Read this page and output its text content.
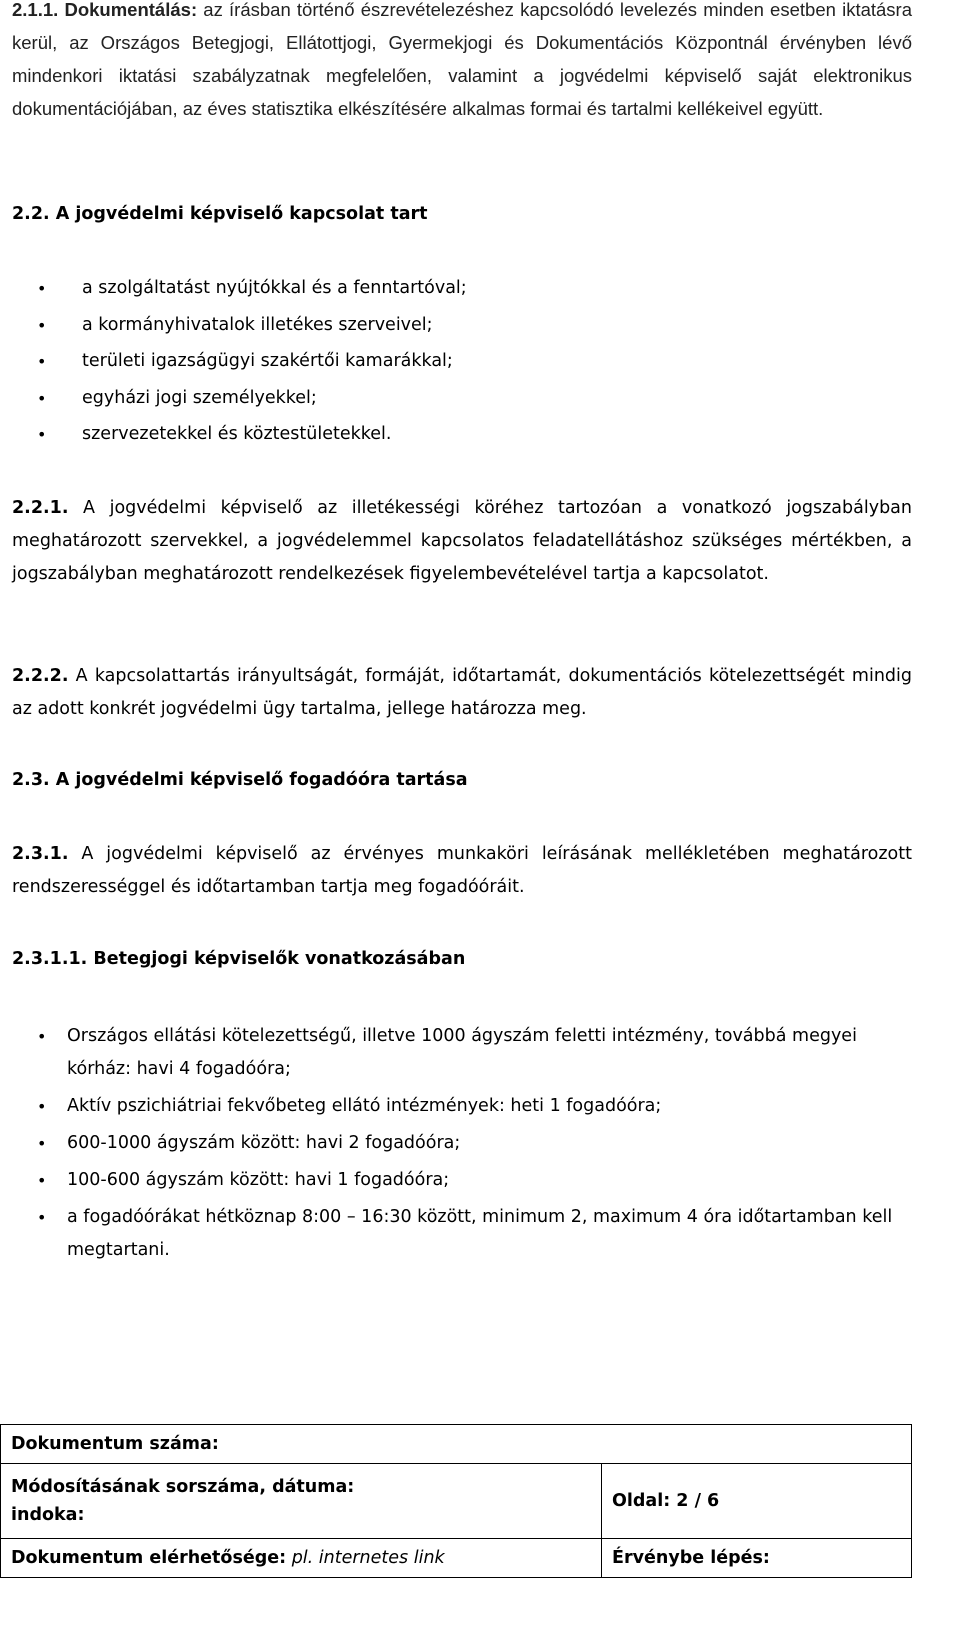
2.1.1. Dokumentálás: az írásban történő észrevételezéshez kapcsolódó levelezés minden esetben iktatásra kerül, az Országos Betegjogi, Ellátottjogi, Gyermekjogi és Dokumentációs Központnál érvényben lévő mindenkori iktatási szabályzatnak megfelelően, valamint a jogvédelmi képviselő saját elektronikus dokumentációjában, az éves statisztika elkészítésére alkalmas formai és tartalmi kellékeivel együtt.

2.2. A jogvédelmi képviselő kapcsolat tart

• a szolgáltatást nyújtókkal és a fenntartóval;
• a kormányhivatalok illetékes szerveivel;
• területi igazságügyi szakértői kamarákkal;
• egyházi jogi személyekkel;
• szervezetekkel és köztestületekkel.

2.2.1. A jogvédelmi képviselő az illetékességi köréhez tartozóan a vonatkozó jogszabályban meghatározott szervekkel, a jogvédelemmel kapcsolatos feladatellátáshoz szükséges mértékben, a jogszabályban meghatározott rendelkezések figyelembevételével tartja a kapcsolatot.

2.2.2. A kapcsolattartás irányultságát, formáját, időtartamát, dokumentációs kötelezettségét mindig az adott konkrét jogvédelmi ügy tartalma, jellege határozza meg.

2.3. A jogvédelmi képviselő fogadóóra tartása

2.3.1. A jogvédelmi képviselő az érvényes munkaköri leírásának mellékletében meghatározott rendszerességgel és időtartamban tartja meg fogadóóráit.

2.3.1.1. Betegjogi képviselők vonatkozásában

• Országos ellátási kötelezettségű, illetve 1000 ágyszám feletti intézmény, továbbá megyei kórház: havi 4 fogadóóra;
• Aktív pszichiátriai fekvőbeteg ellátó intézmények: heti 1 fogadóóra;
• 600-1000 ágyszám között: havi 2 fogadóóra;
• 100-600 ágyszám között: havi 1 fogadóóra;
• a fogadóórákat hétköznap 8:00 – 16:30 között, minimum 2, maximum 4 óra időtartamban kell megtartani.
Dokumentum száma:	

Módosításának sorszáma, dátuma:
indoka:	Oldal: 2 / 6
Dokumentum elérhetősége: pl. internetes link	Érvénybe lépés:
